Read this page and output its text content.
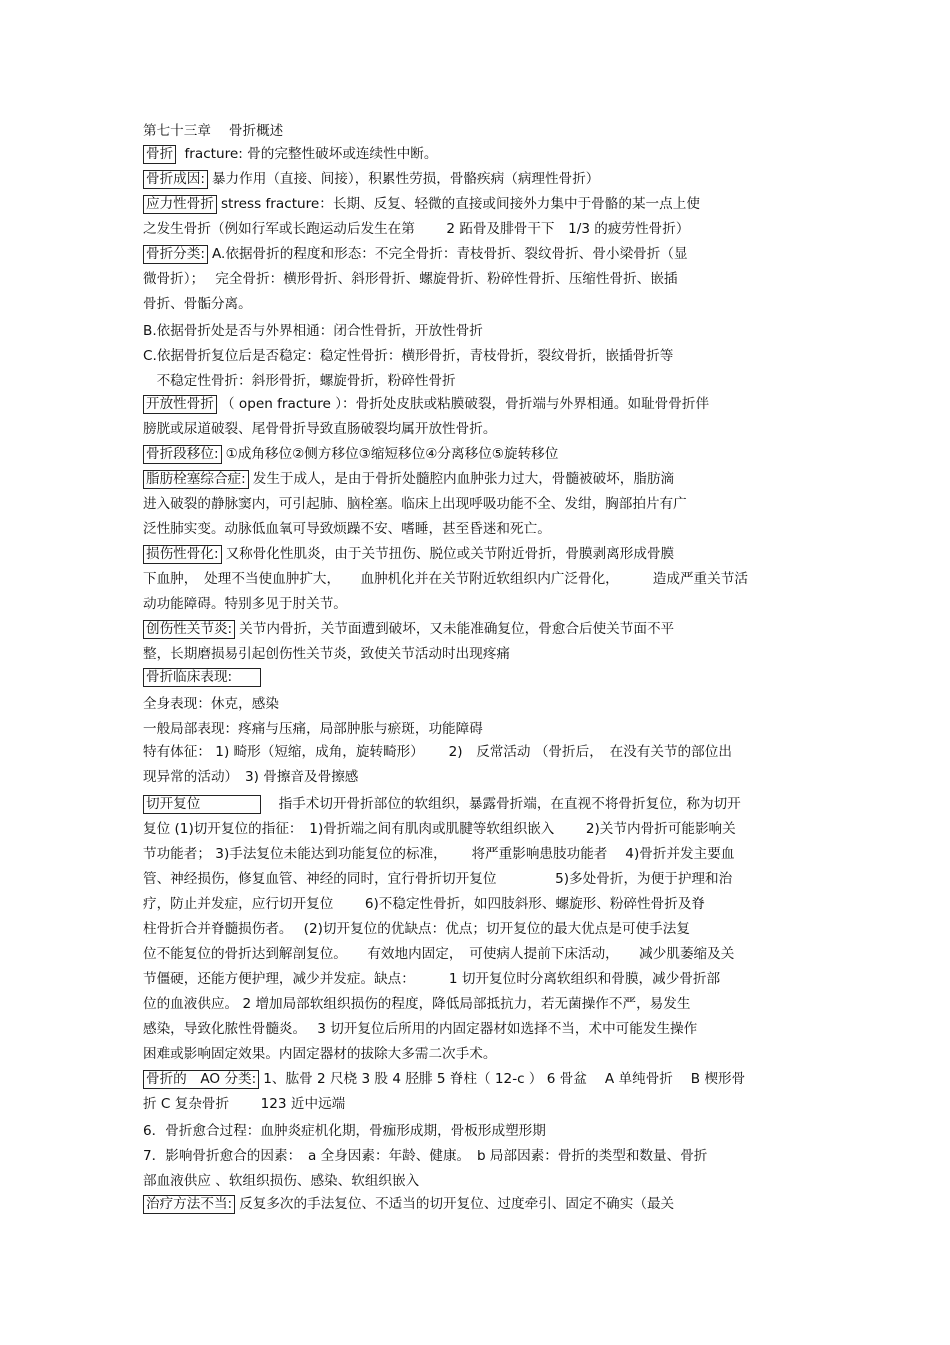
第七十三章　 骨折概述
骨折 fracture: 骨的完整性破坏或连续性中断。
骨折成因: 暴力作用（直接、间接），积累性劳损，骨骼疾病（病理性骨折）
应力性骨折 stress fracture：长期、反复、轻微的直接或间接外力集中于骨骼的某一点上使
之发生骨折（例如行军或长跑运动后发生在第　　 2 跖骨及腓骨干下　1/3 的疲劳性骨折）
骨折分类: A.依据骨折的程度和形态：不完全骨折：青枝骨折、裂纹骨折、骨小梁骨折（显
微骨折）；　 完全骨折：横形骨折、斜形骨折、螺旋骨折、粉碎性骨折、压缩性骨折、嵌插
骨折、骨骺分离。
B.依据骨折处是否与外界相通：闭合性骨折，开放性骨折
C.依据骨折复位后是否稳定：稳定性骨折：横形骨折，青枝骨折，裂纹骨折，嵌插骨折等
　不稳定性骨折：斜形骨折，螺旋骨折，粉碎性骨折
开放性骨折 （ open fracture ）：骨折处皮肤或粘膜破裂，骨折端与外界相通。如耻骨骨折伴
膀胱或尿道破裂、尾骨骨折导致直肠破裂均属开放性骨折。
骨折段移位: ①成角移位②侧方移位③缩短移位④分离移位⑤旋转移位
脂肪栓塞综合症: 发生于成人，是由于骨折处髓腔内血肿张力过大，骨髓被破坏，脂肪滴
进入破裂的静脉窦内，可引起肺、脑栓塞。临床上出现呼吸功能不全、发绀，胸部拍片有广
泛性肺实变。动脉低血氧可导致烦躁不安、嗜睡，甚至昏迷和死亡。
损伤性骨化: 又称骨化性肌炎，由于关节扭伤、脱位或关节附近骨折，骨膜剥离形成骨膜
下血肿，　处理不当使血肿扩大，　　血肿机化并在关节附近软组织内广泛骨化，　　　造成严重关节活
动功能障碍。特别多见于肘关节。
创伤性关节炎: 关节内骨折，关节面遭到破坏，又未能准确复位，骨愈合后使关节面不平
整，长期磨损易引起创伤性关节炎，致使关节活动时出现疼痛
骨折临床表现:
全身表现：休克，感染
一般局部表现：疼痛与压痛，局部肿胀与瘀斑，功能障碍
特有体征： 1) 畸形（短缩，成角，旋转畸形）　　 2)　反常活动 （骨折后，　在没有关节的部位出
现异常的活动）　3) 骨擦音及骨擦感
切开复位	　指手术切开骨折部位的软组织，暴露骨折端，在直视不将骨折复位，称为切开
复位 (1)切开复位的指征：　1)骨折端之间有肌肉或肌腱等软组织嵌入　　 2)关节内骨折可能影响关
节功能者； 3)手法复位未能达到功能复位的标准，　　 将严重影响患肢功能者　 4)骨折并发主要血
管、神经损伤，修复血管、神经的同时，宜行骨折切开复位　　　　 5)多处骨折，为便于护理和治
疗，防止并发症，应行切开复位　　 6)不稳定性骨折，如四肢斜形、螺旋形、粉碎性骨折及脊
柱骨折合并脊髓损伤者。　 (2)切开复位的优缺点：优点；切开复位的最大优点是可使手法复
位不能复位的骨折达到解剖复位。　　有效地内固定，　可使病人提前下床活动，　　减少肌萎缩及关
节僵硬，还能方便护理，减少并发症。缺点：　　　1 切开复位时分离软组织和骨膜，减少骨折部
位的血液供应。 2 增加局部软组织损伤的程度，降低局部抵抗力，若无菌操作不严，易发生
感染，导致化脓性骨髓炎。　 3 切开复位后所用的内固定器材如选择不当，术中可能发生操作
困难或影响固定效果。内固定器材的拔除大多需二次手术。
骨折的　AO 分类: 1、肱骨 2 尺桡 3 股 4 胫腓 5 脊柱（ 12-c ） 6 骨盆　 A 单纯骨折　 B 楔形骨
折 C 复杂骨折　　 123 近中远端
6．骨折愈合过程：血肿炎症机化期，骨痂形成期，骨板形成塑形期
7．影响骨折愈合的因素：　a 全身因素：年龄、健康。　b 局部因素：骨折的类型和数量、骨折
部血液供应 、软组织损伤、感染、软组织嵌入
治疗方法不当: 反复多次的手法复位、不适当的切开复位、过度牵引、固定不确实（最关
